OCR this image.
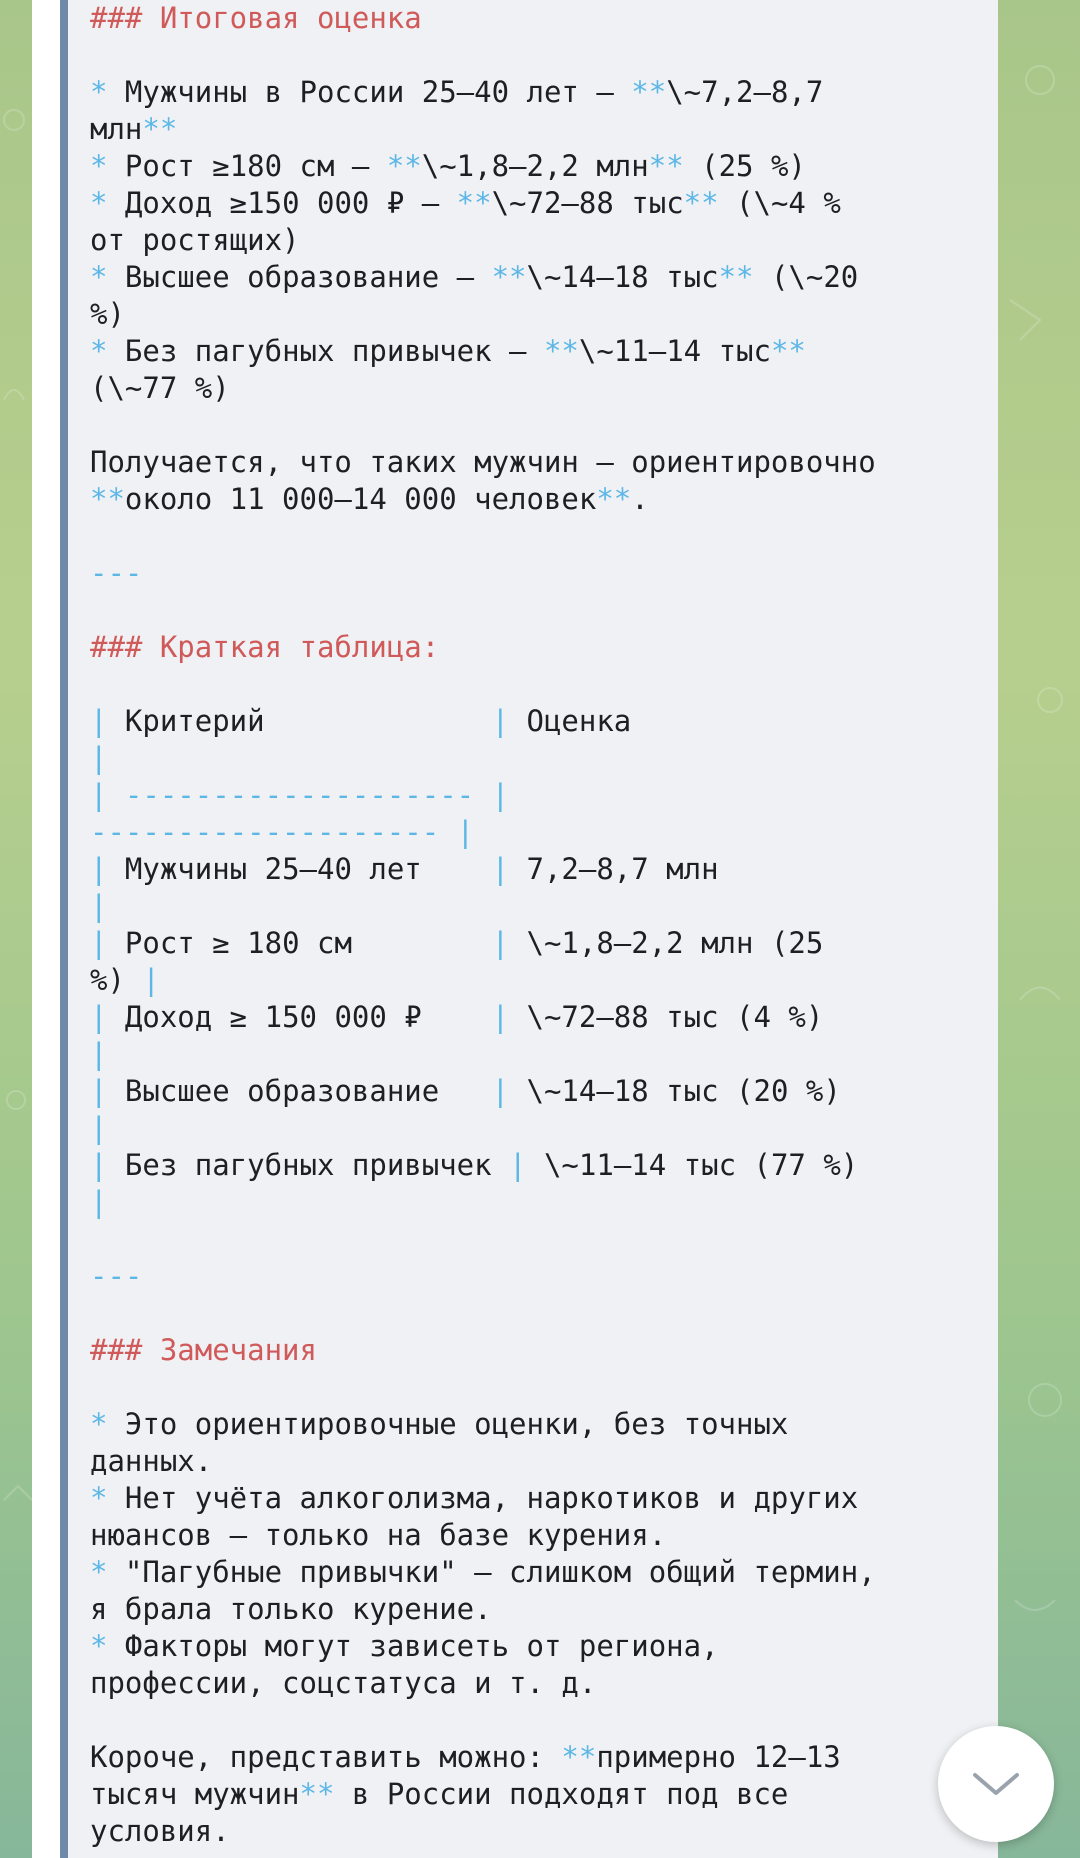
### Итоговая оценка

* Мужчины в России 25–40 лет — **\~7,2–8,7
млн**
* Рост ≥180 см — **\~1,8–2,2 млн** (25 %)
* Доход ≥150 000 ₽ — **\~72–88 тыс** (\~4 %
от ростящих)
* Высшее образование — **\~14–18 тыс** (\~20
%)
* Без пагубных привычек — **\~11–14 тыс**
(\~77 %)

Получается, что таких мужчин — ориентировочно
**около 11 000–14 000 человек**.

---

### Краткая таблица:

| Критерий             | Оценка
|
| -------------------- |
-------------------- |
| Мужчины 25–40 лет    | 7,2–8,7 млн
|
| Рост ≥ 180 см        | \~1,8–2,2 млн (25
%) |
| Доход ≥ 150 000 ₽    | \~72–88 тыс (4 %)
|
| Высшее образование   | \~14–18 тыс (20 %)
|
| Без пагубных привычек | \~11–14 тыс (77 %)
|

---

### Замечания

* Это ориентировочные оценки, без точных
данных.
* Нет учёта алкоголизма, наркотиков и других
нюансов — только на базе курения.
* "Пагубные привычки" — слишком общий термин,
я брала только курение.
* Факторы могут зависеть от региона,
профессии, соцстатуса и т. д.

Короче, представить можно: **примерно 12–13
тысяч мужчин** в России подходят под все
условия.
